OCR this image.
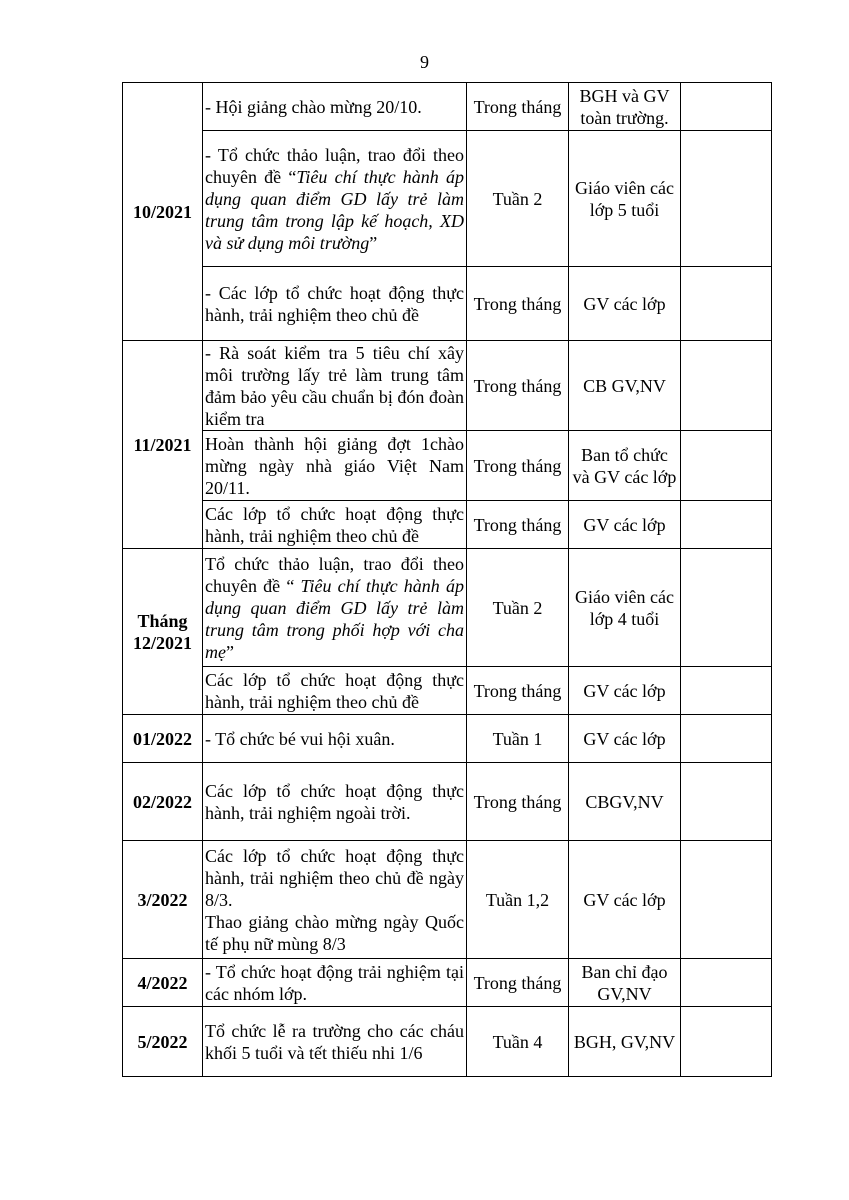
9
10/2021	- Hội giảng chào mừng 20/10.	Trong tháng	BGH và GV toàn trường.	
	- Tổ chức thảo luận, trao đổi theo chuyên đề “Tiêu chí thực hành áp dụng quan điểm GD lấy trẻ làm trung tâm trong lập kế hoạch, XD và sử dụng môi trường”	Tuần 2	Giáo viên các lớp 5 tuổi	
	- Các lớp tổ chức hoạt động thực hành, trải nghiệm theo chủ đề	Trong tháng	GV các lớp	
11/2021	- Rà soát kiểm tra 5 tiêu chí xây môi trường lấy trẻ làm trung tâm đảm bảo yêu cầu chuẩn bị đón đoàn kiểm tra	Trong tháng	CB GV,NV	
	Hoàn thành hội giảng đợt 1chào mừng ngày nhà giáo Việt Nam 20/11.	Trong tháng	Ban tổ chức và GV các lớp	
	Các lớp tổ chức hoạt động thực hành, trải nghiệm theo chủ đề	Trong tháng	GV các lớp	
Tháng 12/2021	Tổ chức thảo luận, trao đổi theo chuyên đề “ Tiêu chí thực hành áp dụng quan điểm GD lấy trẻ làm trung tâm trong phối hợp với cha mẹ”	Tuần 2	Giáo viên các lớp 4 tuổi	
	Các lớp tổ chức hoạt động thực hành, trải nghiệm theo chủ đề	Trong tháng	GV các lớp	
01/2022	- Tổ chức bé vui hội xuân.	Tuần 1	GV các lớp	
02/2022	Các lớp tổ chức hoạt động thực hành, trải nghiệm ngoài trời.	Trong tháng	CBGV,NV	
3/2022	Các lớp tổ chức hoạt động thực hành, trải nghiệm theo chủ đề ngày 8/3.
Thao giảng chào mừng ngày Quốc tế phụ nữ mùng 8/3	Tuần 1,2	GV các lớp	
4/2022	- Tổ chức hoạt động trải nghiệm tại các nhóm lớp.	Trong tháng	Ban chỉ đạo GV,NV	
5/2022	Tổ chức lễ ra trường cho các cháu khối 5 tuổi và tết thiếu nhi 1/6	Tuần 4	BGH, GV,NV	
